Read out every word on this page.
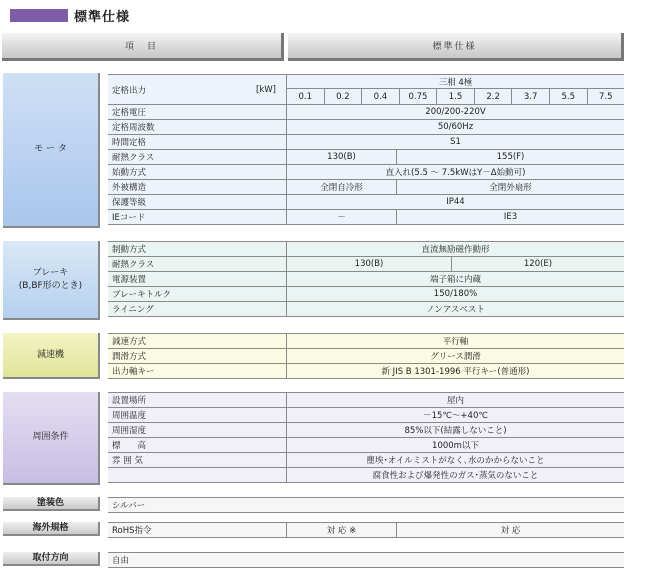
標準仕様
項　目	標準仕様
モ ー タ
定格出力	[kW]
三相 4極
0.1	0.2	0.4	0.75	1.5	2.2	3.7	5.5	7.5
定格電圧	200/200-220V
定格周波数	50/60Hz
時間定格	S1
耐熱クラス	130(B)	155(F)
始動方式	直入れ(5.5 ～ 7.5kWはY－Δ始動可)
外被構造	全閉自冷形	全閉外扇形
保護等級	IP44
IEコード	－	IE3
ブレーキ
(B,BF形のとき)
制動方式	直流無励磁作動形
耐熱クラス	130(B)	120(E)
電源装置	端子箱に内蔵
ブレーキトルク	150/180%
ライニング	ノンアスベスト
減速機
減速方式	平行軸
潤滑方式	グリース潤滑
出力軸キー	新 JIS B 1301-1996 平行キー(普通形)
周囲条件
設置場所	屋内
周囲温度	－15℃～+40℃
周囲湿度	85%以下(結露しないこと)
標　　高	1000m以下
雰 囲 気	塵埃･オイルミストがなく､水のかからないこと
腐食性および爆発性のガス･蒸気のないこと
塗装色	シルバー
海外規格	RoHS指令	対 応 ※	対 応
取付方向	自由
